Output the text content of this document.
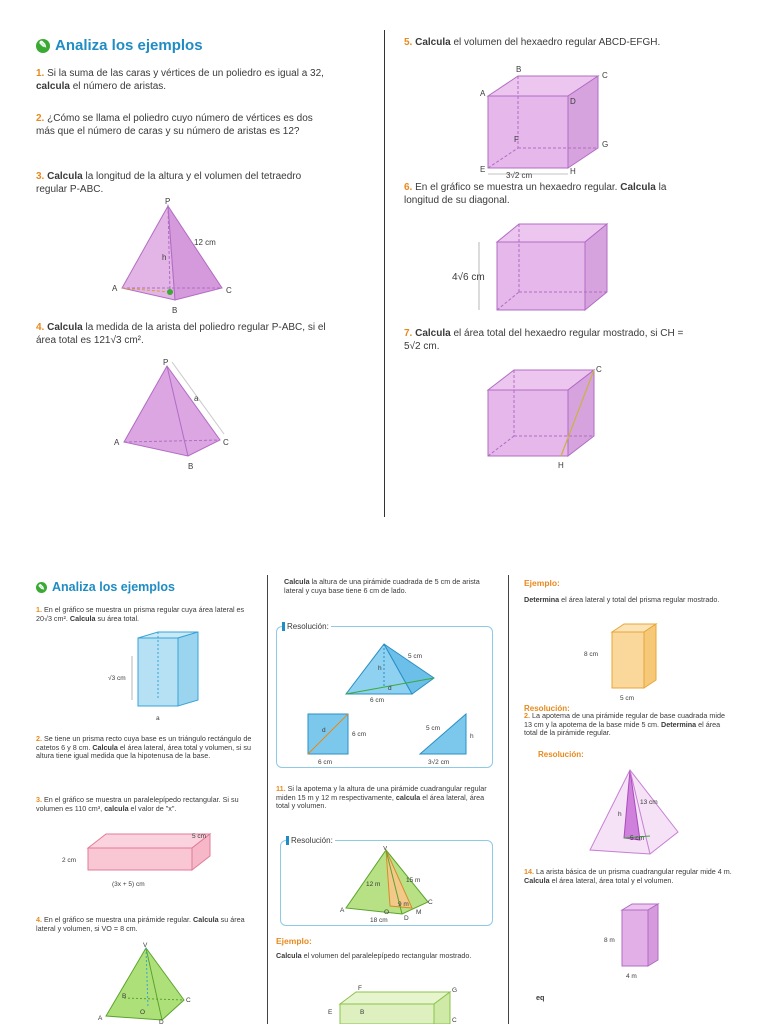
✎ Analiza los ejemplos
1. Si la suma de las caras y vértices de un poliedro es igual a 32, calcula el número de aristas.
2. ¿Cómo se llama el poliedro cuyo número de vértices es dos más que el número de caras y su número de aristas es 12?
3. Calcula la longitud de la altura y el volumen del tetraedro regular P-ABC.
P
A
B
C
h
12 cm
4. Calcula la medida de la arista del poliedro regular P-ABC, si el área total es 121√3 cm².
P
A
B
C
a
5. Calcula el volumen del hexaedro regular ABCD-EFGH.
B
C
A
D
F
G
E	H
3√2 cm
6. En el gráfico se muestra un hexaedro regular. Calcula la longitud de su diagonal.
4√6 cm
7. Calcula el área total del hexaedro regular mostrado, si CH = 5√2 cm.
C
H
✎ Analiza los ejemplos
1. En el gráfico se muestra un prisma regular cuya área lateral es 20√3 cm². Calcula su área total.
√3 cm
a
2. Se tiene un prisma recto cuya base es un triángulo rectángulo de catetos 6 y 8 cm. Calcula el área lateral, área total y volumen, si su altura tiene igual medida que la hipotenusa de la base.
3. En el gráfico se muestra un paralelepípedo rectangular. Si su volumen es 110 cm³, calcula el valor de "x".
2 cm
5 cm
(3x + 5) cm
4. En el gráfico se muestra una pirámide regular. Calcula su área lateral y volumen, si VO = 8 cm.
V
A
B
C
D
O
Calcula la altura de una pirámide cuadrada de 5 cm de arista lateral y cuya base tiene 6 cm de lado.
Resolución:
5 cm
h
d
6 cm
d
6 cm
6 cm
5 cm
h
3√2 cm
11. Si la apotema y la altura de una pirámide cuadrangular regular miden 15 m y 12 m respectivamente, calcula el área lateral, área total y volumen.
Resolución:
V
A
C
D
O	M
12 m
15 m
9 m
18 cm
Ejemplo:
Calcula el volumen del paralelepípedo rectangular mostrado.
F	G
E	B
C
Ejemplo:
Determina el área lateral y total del prisma regular mostrado.
8 cm
5 cm
Resolución:
2. La apotema de una pirámide regular de base cuadrada mide 13 cm y la apotema de la base mide 5 cm. Determina el área total de la pirámide regular.
Resolución:
13 cm
h
5 cm
14. La arista básica de un prisma cuadrangular regular mide 4 m. Calcula el área lateral, área total y el volumen.
8 m
4 m
eq
